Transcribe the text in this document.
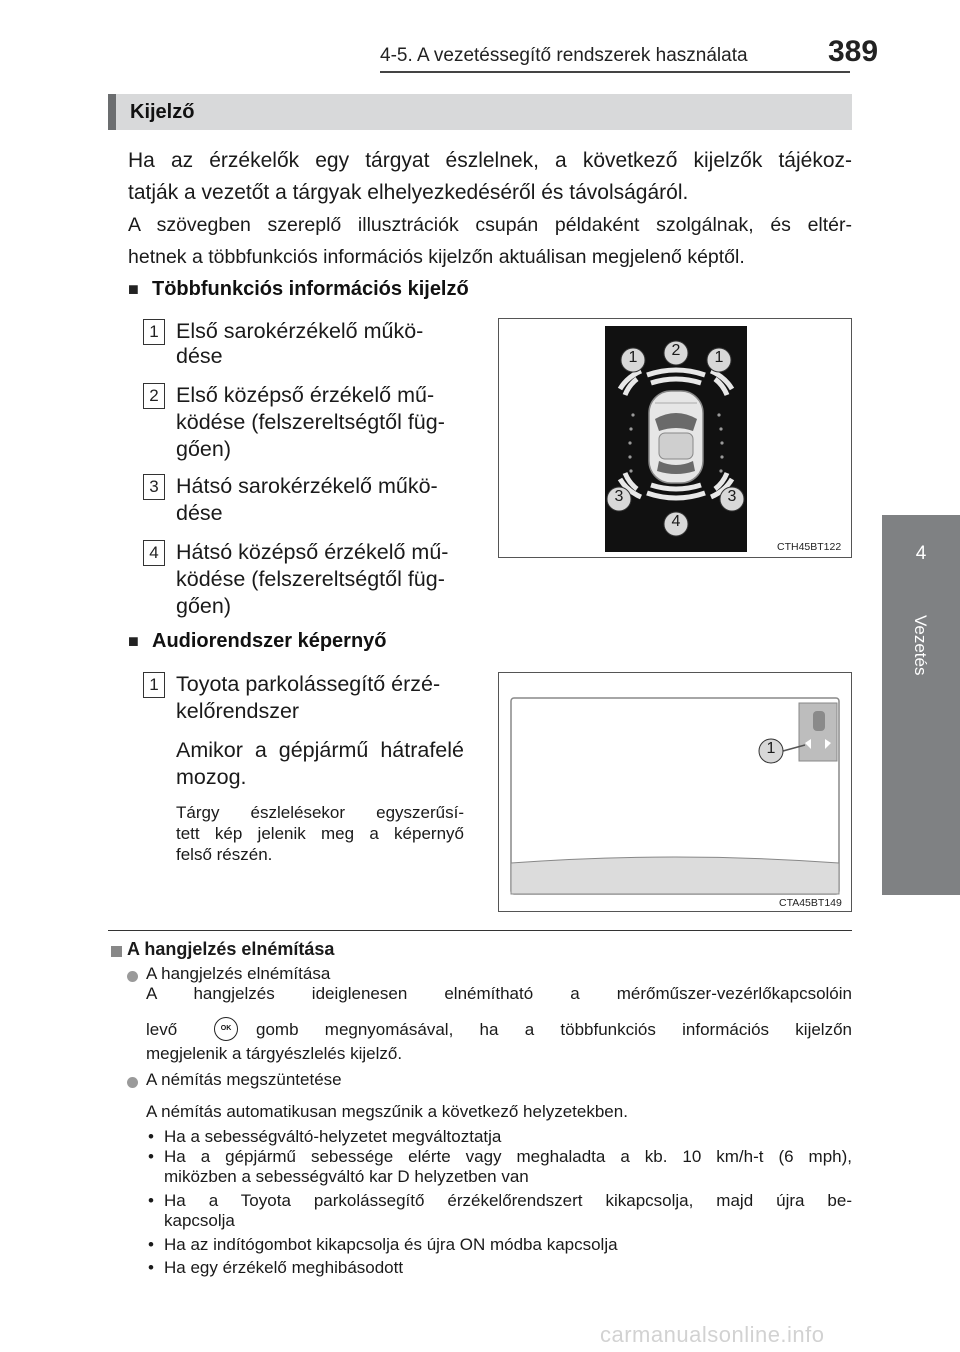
4-5. A vezetéssegítő rendszerek használata	389
4
Vezetés
Kijelző
Ha az érzékelők egy tárgyat észlelnek, a következő kijelzők tájékoz-
tatják a vezetőt a tárgyak elhelyezkedéséről és távolságáról.
A szövegben szereplő illusztrációk csupán példaként szolgálnak, és eltér-
hetnek a többfunkciós információs kijelzőn aktuálisan megjelenő képtől.
■ Többfunkciós információs kijelző
1 Első sarokérzékelő műkö-
dése
2 Első középső érzékelő mű-
ködése (felszereltségtől füg-
gően)
3 Hátsó sarokérzékelő műkö-
dése
4 Hátsó középső érzékelő mű-
ködése (felszereltségtől füg-
gően)
1 2 1
3	3
4
CTH45BT122
■ Audiorendszer képernyő
1 Toyota parkolássegítő érzé-
kelőrendszer
Amikor a gépjármű hátrafelé
mozog.
Tárgy észlelésekor egyszerűsí-
tett kép jelenik meg a képernyő
felső részén.
1
CTA45BT149
A hangjelzés elnémítása
A hangjelzés elnémítása
A hangjelzés ideiglenesen elnémítható a mérőműszer-vezérlőkapcsolóin
levő	OK	gomb megnyomásával, ha a többfunkciós információs kijelzőn
megjelenik a tárgyészlelés kijelző.
A némítás megszüntetése
A némítás automatikusan megszűnik a következő helyzetekben.
• Ha a sebességváltó-helyzetet megváltoztatja
• Ha a gépjármű sebessége elérte vagy meghaladta a kb. 10 km/h-t (6 mph),
miközben a sebességváltó kar D helyzetben van
• Ha a Toyota parkolássegítő érzékelőrendszert kikapcsolja, majd újra be-
kapcsolja
• Ha az indítógombot kikapcsolja és újra ON módba kapcsolja
• Ha egy érzékelő meghibásodott
carmanualsonline.info
